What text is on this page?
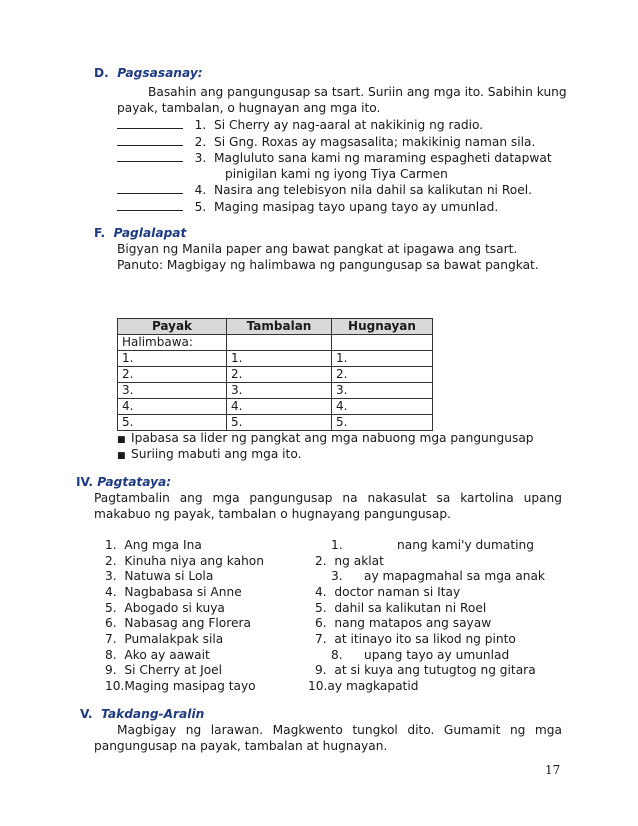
D. Pagsasanay:
Basahin ang pangungusap sa tsart. Suriin ang mga ito. Sabihin kung
payak, tambalan, o hugnayan ang mga ito.
1. Si Cherry ay nag-aaral at nakikinig ng radio.
2. Si Gng. Roxas ay magsasalita; makikinig naman sila.
3. Magluluto sana kami ng maraming espagheti datapwat
pinigilan kami ng iyong Tiya Carmen
4. Nasira ang telebisyon nila dahil sa kalikutan ni Roel.
5. Maging masipag tayo upang tayo ay umunlad.
F. Paglalapat
Bigyan ng Manila paper ang bawat pangkat at ipagawa ang tsart.
Panuto: Magbigay ng halimbawa ng pangungusap sa bawat pangkat.
Payak	Tambalan	Hugnayan
Halimbawa:		
1.	1.	1.
2.	2.	2.
3.	3.	3.
4.	4.	4.
5.	5.	5.
■ Ipabasa sa lider ng pangkat ang mga nabuong mga pangungusap
■ Suriing mabuti ang mga ito.
IV. Pagtataya:
Pagtambalin ang mga pangungusap na nakasulat sa kartolina upang
makabuo ng payak, tambalan o hugnayang pangungusap.
1. Ang mga Ina
2. Kinuha niya ang kahon
3. Natuwa si Lola
4. Nagbabasa si Anne
5. Abogado si kuya
6. Nabasag ang Florera
7. Pumalakpak sila
8. Ako ay aawait
9. Si Cherry at Joel
10.Maging masipag tayo
1.	nang kami'y dumating
2. ng aklat
3. ay mapagmahal sa mga anak
4. doctor naman si Itay
5. dahil sa kalikutan ni Roel
6. nang matapos ang sayaw
7. at itinayo ito sa likod ng pinto
8. upang tayo ay umunlad
9. at si kuya ang tutugtog ng gitara
10.ay magkapatid
V. Takdang-Aralin
Magbigay ng larawan. Magkwento tungkol dito. Gumamit ng mga
pangungusap na payak, tambalan at hugnayan.
17
